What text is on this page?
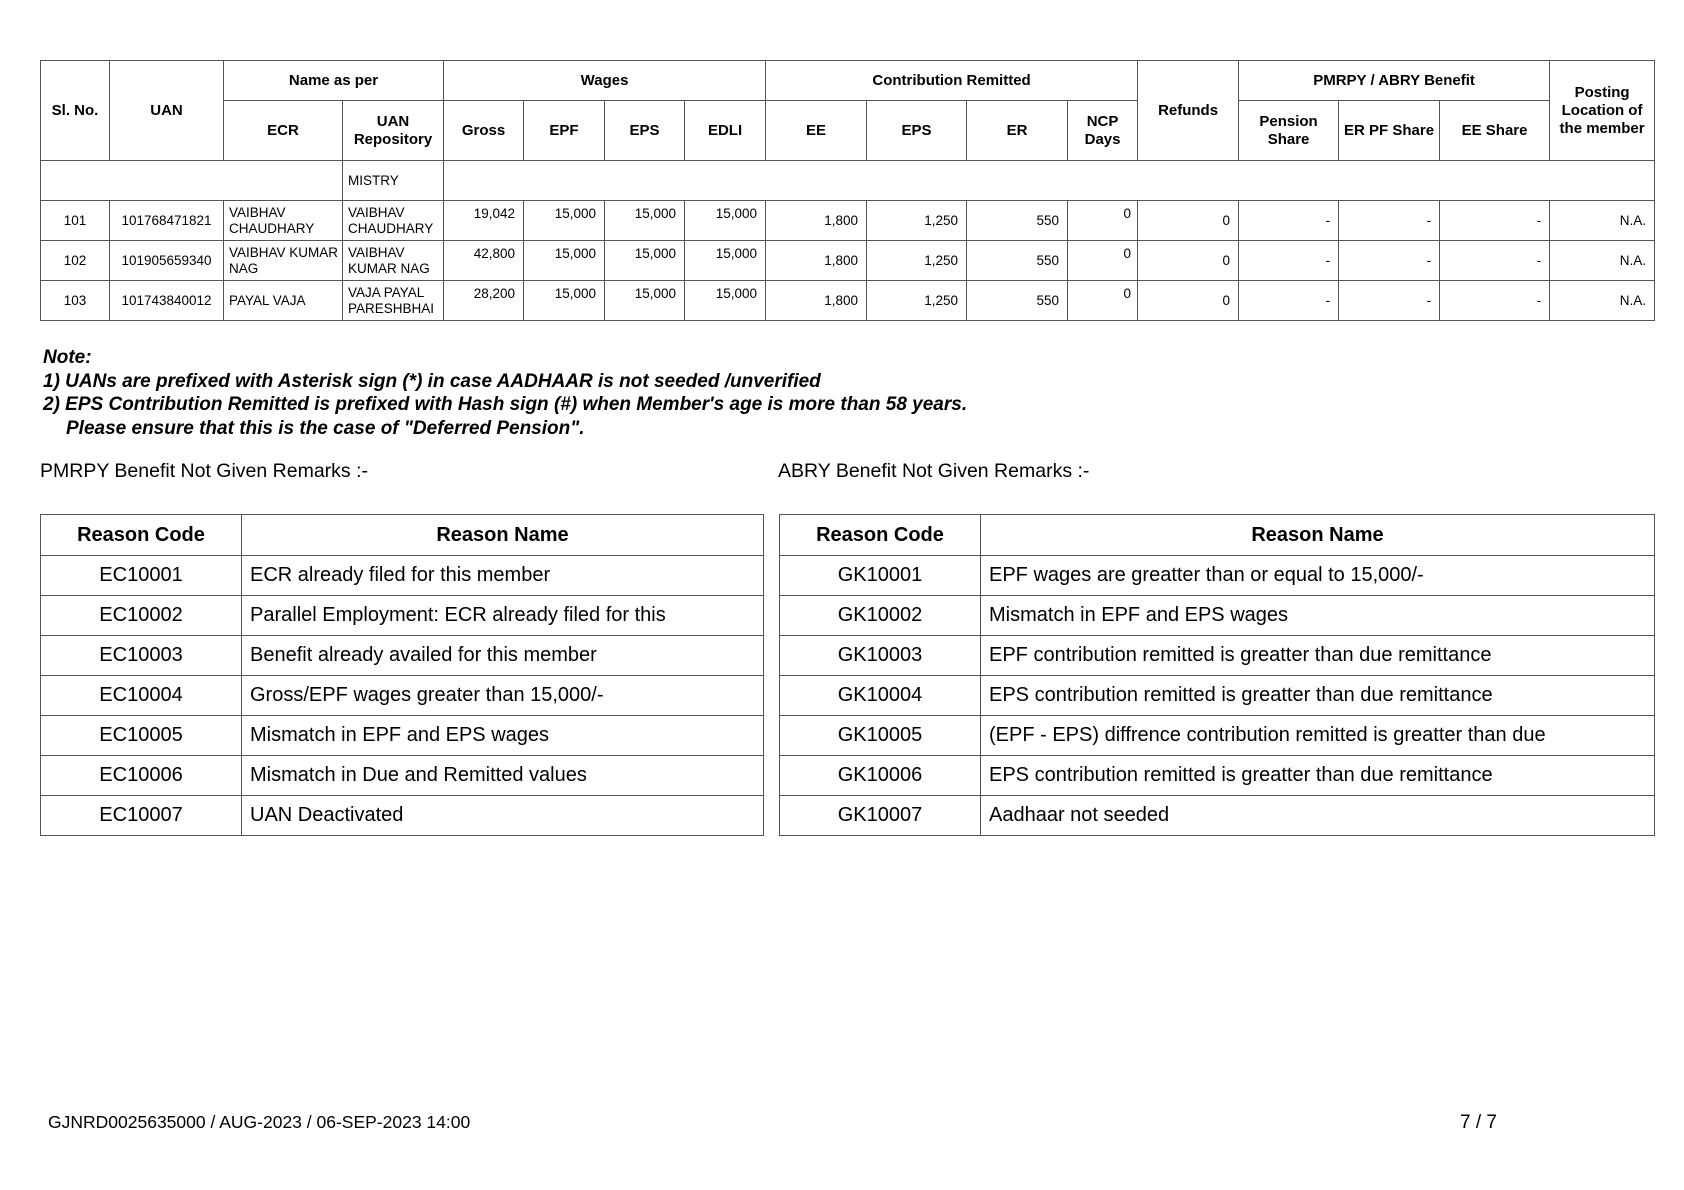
Sl. No.	UAN	Name as per		Wages				Contribution Remitted				Refunds	PMRPY / ABRY Benefit			Posting Location of the member
		ECR	UAN Repository	Gross	EPF	EPS	EDLI	EE	EPS	ER	NCP Days		Pension Share	ER PF Share	EE Share	
			MISTRY													
101	101768471821	VAIBHAV CHAUDHARY	VAIBHAV CHAUDHARY	19,042	15,000	15,000	15,000	1,800	1,250	550	0	0	-	-	-	N.A.
102	101905659340	VAIBHAV KUMAR NAG	VAIBHAV KUMAR NAG	42,800	15,000	15,000	15,000	1,800	1,250	550	0	0	-	-	-	N.A.
103	101743840012	PAYAL VAJA	VAJA PAYAL PARESHBHAI	28,200	15,000	15,000	15,000	1,800	1,250	550	0	0	-	-	-	N.A.
Note:
1) UANs are prefixed with Asterisk sign (*) in case AADHAAR is not seeded /unverified
2) EPS Contribution Remitted is prefixed with Hash sign (#) when Member's age is more than 58 years.
Please ensure that this is the case of "Deferred Pension".
PMRPY Benefit Not Given Remarks :-	ABRY Benefit Not Given Remarks :-
Reason Code	Reason Name
EC10001	ECR already filed for this member
EC10002	Parallel Employment: ECR already filed for this
EC10003	Benefit already availed for this member
EC10004	Gross/EPF wages greater than 15,000/-
EC10005	Mismatch in EPF and EPS wages
EC10006	Mismatch in Due and Remitted values
EC10007	UAN Deactivated
Reason Code	Reason Name
GK10001	EPF wages are greatter than or equal to 15,000/-
GK10002	Mismatch in EPF and EPS wages
GK10003	EPF contribution remitted is greatter than due remittance
GK10004	EPS contribution remitted is greatter than due remittance
GK10005	(EPF - EPS) diffrence contribution remitted is greatter than due
GK10006	EPS contribution remitted is greatter than due remittance
GK10007	Aadhaar not seeded
GJNRD0025635000 / AUG-2023 / 06-SEP-2023 14:00	7 / 7
